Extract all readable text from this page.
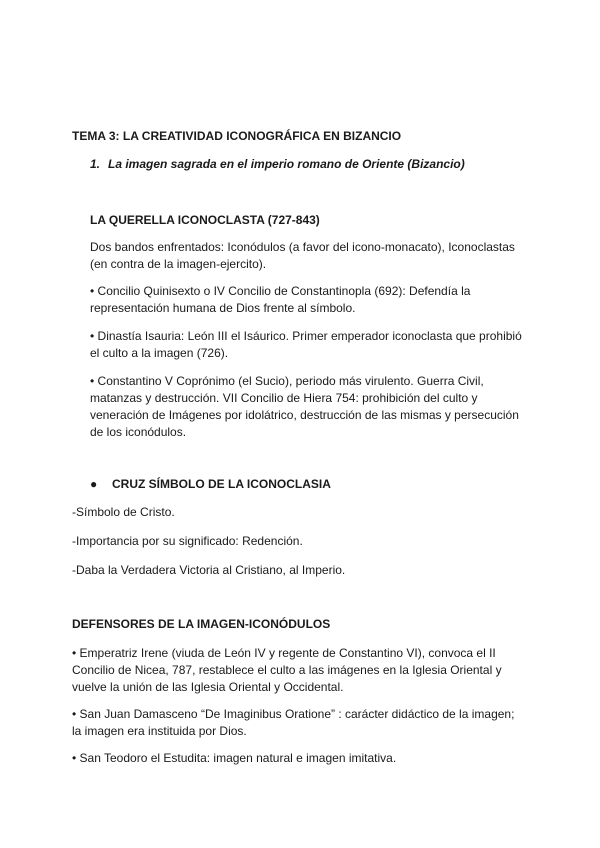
TEMA 3: LA CREATIVIDAD ICONOGRÁFICA EN BIZANCIO
1. La imagen sagrada en el imperio romano de Oriente (Bizancio)
LA QUERELLA ICONOCLASTA (727-843)
Dos bandos enfrentados: Iconódulos (a favor del icono-monacato), Iconoclastas
(en contra de la imagen-ejercito).
• Concilio Quinisexto o IV Concilio de Constantinopla (692): Defendía la
representación humana de Dios frente al símbolo.
• Dinastía Isauria: León III el Isáurico. Primer emperador iconoclasta que prohibió
el culto a la imagen (726).
• Constantino V Coprónimo (el Sucio), periodo más virulento. Guerra Civil,
matanzas y destrucción. VII Concilio de Hiera 754: prohibición del culto y
veneración de Imágenes por idolátrico, destrucción de las mismas y persecución
de los iconódulos.
● CRUZ SÍMBOLO DE LA ICONOCLASIA
-Símbolo de Cristo.
-Importancia por su significado: Redención.
-Daba la Verdadera Victoria al Cristiano, al Imperio.
DEFENSORES DE LA IMAGEN-ICONÓDULOS
• Emperatriz Irene (viuda de León IV y regente de Constantino VI), convoca el II
Concilio de Nicea, 787, restablece el culto a las imágenes en la Iglesia Oriental y
vuelve la unión de las Iglesia Oriental y Occidental.
• San Juan Damasceno “De Imaginibus Oratione” : carácter didáctico de la imagen;
la imagen era instituida por Dios.
• San Teodoro el Estudita: imagen natural e imagen imitativa.
